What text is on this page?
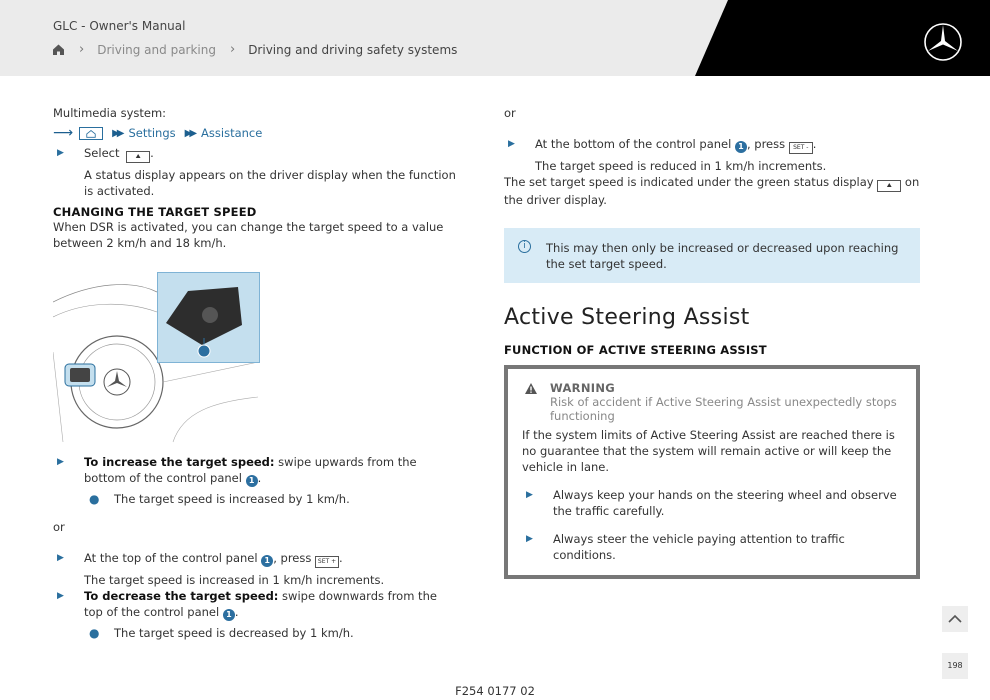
GLC - Owner's Manual
› Driving and parking › Driving and driving safety systems

Multimedia system:

⟶	▶▶ Settings ▶▶ Assistance
▶ Select	⛰ .
A status display appears on the driver display when the function is activated.
CHANGING THE TARGET SPEED

When DSR is activated, you can change the target speed to a value between 2 km/h and 18 km/h.

▶ To increase the target speed: swipe upwards from the bottom of the control panel 1 .
● The target speed is increased by 1 km/h.

or

▶ At the top of the control panel 1 , press SET + .
The target speed is increased in 1 km/h increments.
▶ To decrease the target speed: swipe downwards from the top of the control panel 1 .
● The target speed is decreased by 1 km/h.

or

▶ At the bottom of the control panel 1 , press SET - .
The target speed is reduced in 1 km/h increments.

The set target speed is indicated under the green status display ⛰ on the driver display.

i	This may then only be increased or decreased upon reaching the set target speed.
Active Steering Assist
FUNCTION OF ACTIVE STEERING ASSIST
WARNING
Risk of accident if Active Steering Assist unexpectedly stops functioning

If the system limits of Active Steering Assist are reached there is no guarantee that the system will remain active or will keep the vehicle in lane.

▶ Always keep your hands on the steering wheel and observe the traffic carefully.
▶ Always steer the vehicle paying attention to traffic conditions.
198
F254 0177 02
